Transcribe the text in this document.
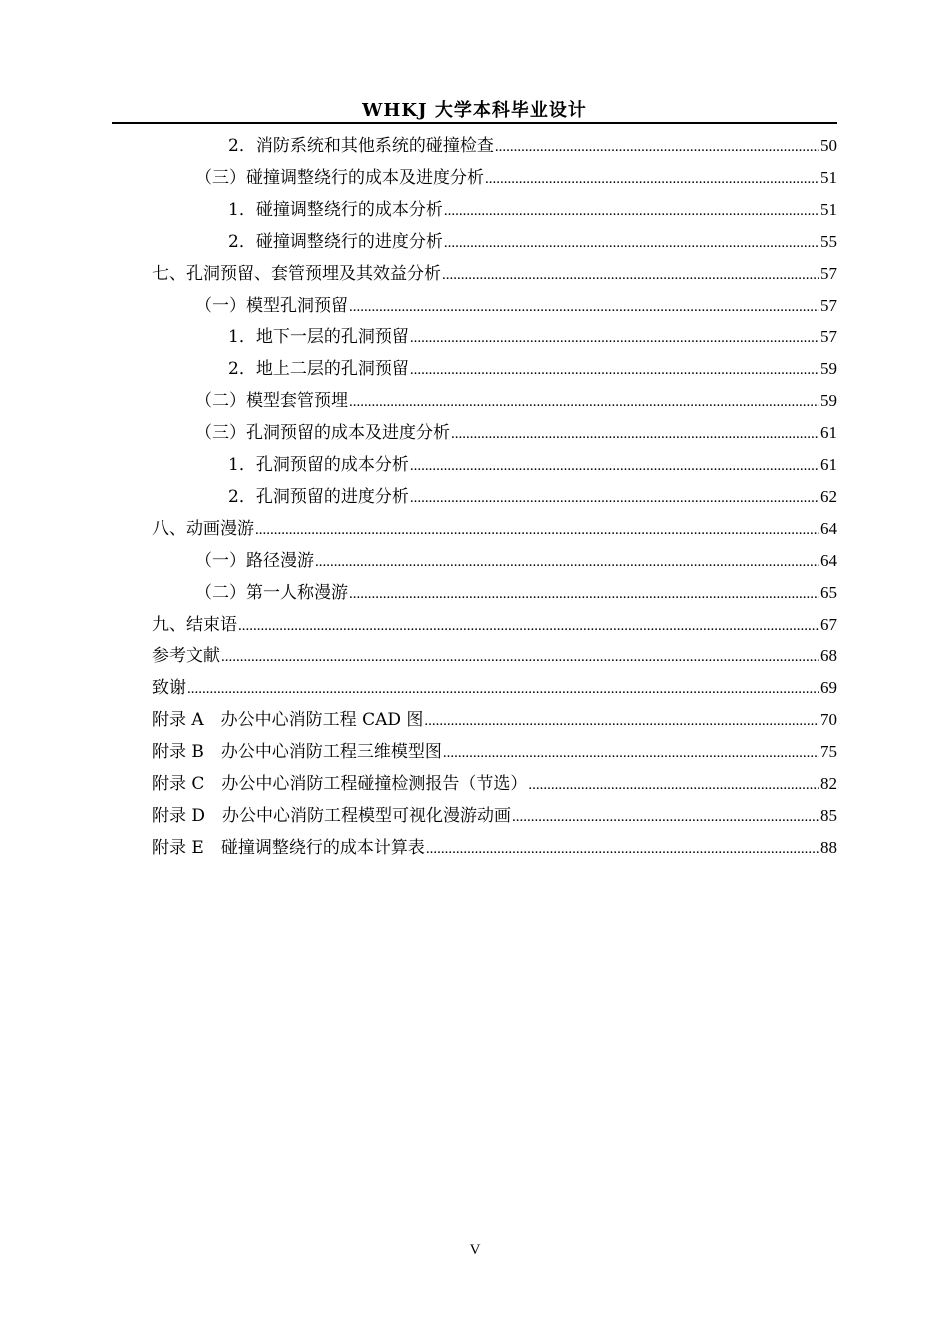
WHKJ 大学本科毕业设计
2．消防系统和其他系统的碰撞检查 .....	50
（三）碰撞调整绕行的成本及进度分析 .....	51
1．碰撞调整绕行的成本分析 .....	51
2．碰撞调整绕行的进度分析 .....	55
七、孔洞预留、套管预埋及其效益分析 .....	57
（一）模型孔洞预留 .....	57
1．地下一层的孔洞预留 .....	57
2．地上二层的孔洞预留 .....	59
（二）模型套管预埋 .....	59
（三）孔洞预留的成本及进度分析 .....	61
1．孔洞预留的成本分析 .....	61
2．孔洞预留的进度分析 .....	62
八、动画漫游 .....	64
（一）路径漫游 .....	64
（二）第一人称漫游 .....	65
九、结束语 .....	67
参考文献 .....	68
致谢 .....	69
附录 A　办公中心消防工程 CAD 图 .....	70
附录 B　办公中心消防工程三维模型图 .....	75
附录 C　办公中心消防工程碰撞检测报告（节选） .....	82
附录 D　办公中心消防工程模型可视化漫游动画 .....	85
附录 E　碰撞调整绕行的成本计算表 .....	88
V
